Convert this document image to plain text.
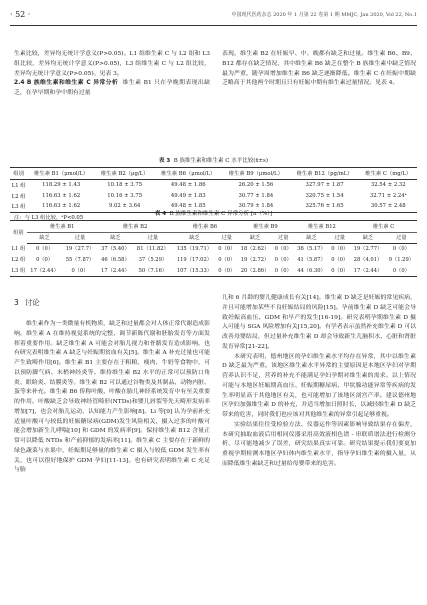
· 52 ·	中国现代医药杂志 2020 年 1 月第 22 卷第 1 期 MMJC, Jan 2020, Vol 22, No.1

生素比较，差异均无统计学意义(P>0.05)。L1 组维生素 C 与 L2 组和 L3 组比较，差异均无统计学意义(P>0.05)，L3 组维生素 C 与 L2 组比较，差异均无统计学意义(P>0.05)。见表 3。

2.4 B 族维生素和维生素 C 异常分析 维生素 B1 只在孕晚期表现出缺乏，在孕早期和孕中期有过量

表现。维生素 B2 在妊娠早、中、晚都有缺乏和过量。维生素 B6、B9、B12 都存在缺乏情况，其中维生素 B6 缺乏在整个 B 族维生素中缺乏情况最为严重，随孕周增加维生素 B6 缺乏逐渐降低。维生素 C 在妊娠中期缺乏略高于其他两个时期且只有妊娠中期有维生素过量情况。见表 4。

表 3 B 族维生素和维生素 C 水平比较(x̄±s)
组别	维生素 B1（μmol/L）	维生素 B2（μg/L）	维生素 B6（μmol/L）	维生素 B9（μmol/L）	维生素 B12（pg/mL）	维生素 C（mg/L）
L1 组	118.29 ± 1.43	10.18 ± 3.75	49.48 ± 1.86	26.20 ± 1.56	327.97 ± 1.87	32.54 ± 2.32
L2 组	116.63 ± 1.62	10.16 ± 3.75	49.49 ± 1.83	30.77 ± 1.84	320.75 ± 1.54	32.71 ± 2.24ᵃ
L3 组	116.63 ± 1.62	9.02 ± 3.64	49.48 ± 1.85	30.79 ± 1.84	325.76 ± 1.65	30.57 ± 2.48
注：与 L3 组比较，ᵃP<0.05
表 4 B 族维生素和维生素 C 异常分析 [n（%）]
组别	维生素 B1		维生素 B2		维生素 B6		维生素 B9		维生素 B12		维生素 C	
	缺乏	过量	缺乏	过量	缺乏	过量	缺乏	过量	缺乏	过量	缺乏	过量
L1 组	0（0）	19（27.7）	37（5.40）	81（11.82）	135（19.71）	0（0）	18（2.62）	0（0）	36（5.17）	0（0）	19（2.77）	0（0）
L2 组	0（0）	55（7.87）	46（6.58）	37（5.29）	119（17.02）	0（0）	19（2.72）	0（0）	41（5.87）	0（0）	28（4.01）	9（1.29）
L3 组	17（2.44）	0（0）	17（2.44）	50（7.16）	107（15.33）	0（0）	20（2.86）	0（0）	44（6.30）	0（0）	17（2.44）	0（0）
3 讨论

维生素作为一类微量有机物质，缺乏和过量都会对人体正常代谢造成影响。维生素 A 在维持视觉系统的完整、调节新陈代谢和胚胎发育等方面发挥着重要作用。缺乏维生素 A 可能会对胎儿视力和骨骼发育造成影响，也有研究表明维生素 A 缺乏与妊娠期贫血有关[5]。维生素 A 补充过量也可能产生致畸作用[6]。维生素 B1 主要存在于粗粮、瘦肉、牛奶等食物中，可以预防脚气病、末梢神经炎等。维持维生素 B2 水平的正常可以预防口角炎、眼睑炎、结膜炎等。维生素 B2 可以通过谷物类及其制品、动物内脏、蛋等来补充。维生素 B6 侨称叶酸，叶酸在胎儿神经系统发育中有至关重要的作用。叶酸缺乏会导致神经管畸形(NTDs)和婴儿唇裂等先天畸形发病率增加[7]，也会对胎儿运动、认知能力产生影响[8]。Li 等[9] 认为孕前补充适量叶酸可与较低的妊娠糖尿病(GDM)发生风险相关，摄入过多的叶酸可能会增加新生儿哮喘[10] 和 GDM 的发病率[9]。保持维生素 B12 含量正常可以降低 NTDs 和产前抑郁的发病率[11]。维生素 C 主要存在于新鲜的绿色蔬菜与水果中，妊娠期足够量的维生素 C 摄入与较低 GDM 发生率有关，也可以很好地保护 GDM 孕妇[11-13]。也有研究表明维生素 C 充足与胎

儿和 6 月龄的婴儿健康成长有关[14]。维生素 D 缺乏是妊娠的常见疾病，并且可能增加某些不良妊娠结局的风险[15]。孕前维生素 D 缺乏可能会导致妊娠高血压、GDM 和早产的发生[16-19]。研究表明孕期维生素 D 摄入可能与 SGA 风险增加有关[15,20]。有学者表示虽然补充维生素 D 可以改善母婴结局，但过量补充维生素 D 却会导致新生儿脑积水、心脏和肾脏发育异常[21-22]。

本研究表明，德州地区的孕妇维生素水平均存在异常，其中以维生素 D 缺乏最为严重。该地区维生素水平异常的主要原因是本地区孕妇对孕期营养认识不足，营养的补充不能满足孕妇孕期对维生素的需求。以上情况可能与本地区妊娠期高血压、妊娠期糖尿病、甲状腺功能异常等疾病的发生率明显高于其他地区有关，也可能增加了该地区剖宫产率。建议德州地区孕妇加强维生素 D 的补充，并适当增加日照时长，以减轻维生素 D 缺乏带来的危害，同时我们也应该对其他维生素的异常引起足够重视。

实验结果往往受检验方法、仪器运作等因素影响导致结果存在偏差，本研究抽取血液后用相同仪器采用高效液相色谱 - 串联质谱法进行检测分析，尽可能地减少了误差，研究结果真实可靠。研究结果提示我们要更加重视孕期检测本地区孕妇体内维生素水平，指导孕妇维生素的摄入量，从而降低维生素缺乏和过量给母婴带来的危害。
